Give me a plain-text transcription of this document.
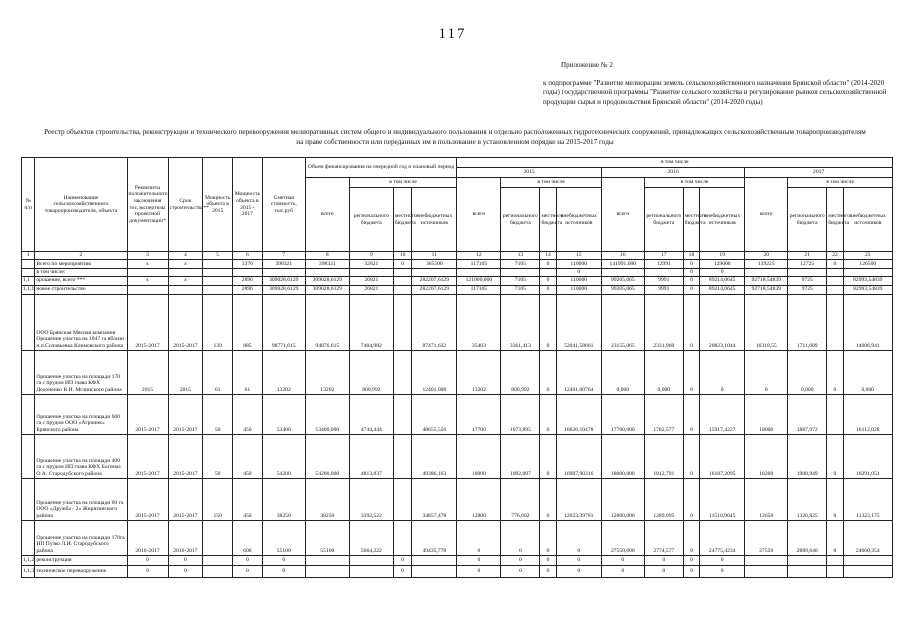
117
Приложение № 2
к подпрограмме "Развитие мелиорации земель сельскохозяйственного назначения Брянской области" (2014-2020 годы) государственной программы "Развитие сельского хозяйства и регулирование рынков сельскохозяйственной продукции сырья и продовольствия Брянской области" (2014-2020 годы)
Реестр объектов строительства, реконструкции и технического перевооружения мелиоративных систем общего и индивидуального пользования и отдельно расположенных гидротехнических сооружений, принадлежащих сельскохозяйственным товаропроизводителям на праве собственности или переданных им в пользование в установленном порядке на 2015-2017 годы
№ п/п	Наименование сельскохозяйственного товаропроизводителя, объекта	Реквизиты положительного заключения гос.экспертизы проектной документации*	Срок строительства**	Мощность объекта в 2015	Мощность объекта в 2015 - 2017	Сметная стоимость, тыс.руб	Объем финансирования на очередной год и плановый период				в том числе											
											2015				2016				2017			
							всего	в том числе			всего	в том числе			всего	в том числе			всего	в том числе		
								регионального бюджета	местного бюджета	внебюджетных источников		регионального бюджета	местного бюджета	внебюджетных источников		регионального бюджета	местного бюджета	внебюджетных источников		регионального бюджета	местного бюджета	внебюджетных источников
1	2	3	4	5	6	7	8	9	10	11	12	13	14	15	16	17	18	19	20	21	22	23
	Всего по мероприятию	х	х		3376	398321	398321	32821	0	365500	117105	7105	0	110000	141991,000	12991	0	129000	139225	12725	0	126500
	в том числе:													0			0	0				
1,1	орошение, всего ***	х	х		2896	309028,6129	309028,6129	26821		282207,6129	121000,000	7105	0	110000	99205,065	9991	0	89214,0645	92718,54839	9725		82993,54839
1,1,1	новое строительство				2896	309028,6129	309028,6129	26821		282207,6129	117105	7105	0	110000	99205,065	9991	0	89214,0645	92718,54839	9725		82993,54839
	ООО Брянская Мясная компания Орошение участка на 1047 га вблизи н.п.Соловьевка Климовского района	2015-2017	2015-2017	139	885	98771,615	94876,615	7404,982		87471,632	35403	3361,413	0	52041,58661	23155,065	2331,960	0	20823,1044	16318,55	1711,609		14606,941
	Орошение участка на площади 170 га с прудом ИП глава КФХ Дедоненко В.И. Мглинского района	2015	2015	61	61	13202	13202	800,992		12401,008	13202	800,992	0	12401,00764	0,000	0,000	0	0	0	0,000	0	0,000
	Орошение участка на площади 600 га с прудом ООО «Агроинк» Брянского района	2015-2017	2015-2017	50	450	53400	53400,000	4744,444		48655,556	17700	1073,895	0	16626,10478	17700,000	1782,577	0	15917,4227	18000	1887,972		16112,028
	Орошение участка на площади 400 га с прудом ИП глава КФХ Богомаз О.А. Стародубского района	2015-2017	2015-2017	50	450	54200	54200,000	4813,837		49386,163	18000	1092,097	0	16907,90316	18000,000	1812,791	0	16187,2095	18200	1908,949	0	16291,051
	Орошение участка на площади 60 га ООО «Дружба - 2» Жирятинского района	2015-2017	2015-2017	150	450	38250	38250	3392,522		34857,478	12800	776,602	0	12023,39781	12800,000	1289,095	0	11510,9045	12650	1326,825	0	11323,175
	Орошение участка на площади 170га ИП Пузко Л.И. Стародубского района	2016-2017	2016-2017		600	55100	55100	5664,222		49435,778	0	0	0	0	27550,000	2774,577	0	24775,4234	27550	2889,646	0	24660,354
1,1,2	реконструкция	0	0		0	0			0		0	0	0	0	0	0	0	0				
1,1,3	техническое перевооружение	0	0		0	0			0		0	0	0	0	0	0	0	0				
